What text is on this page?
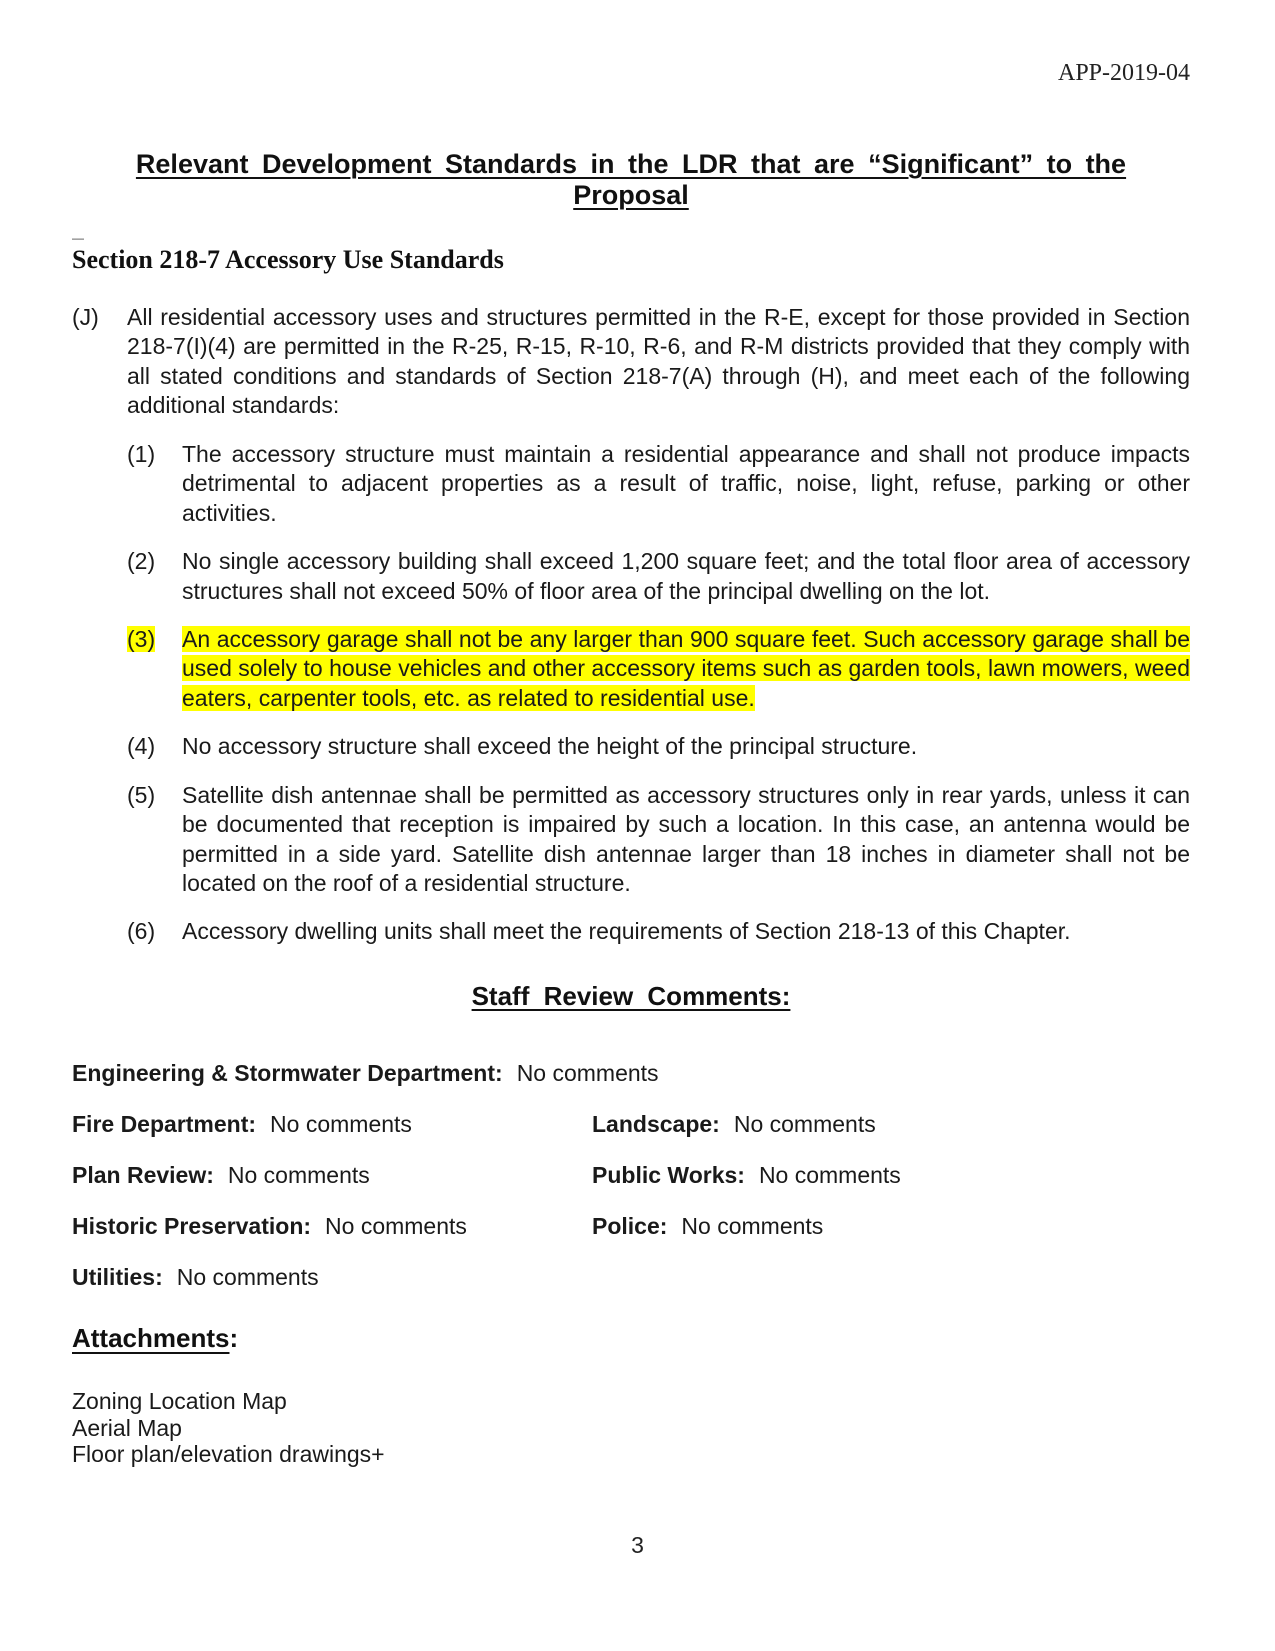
APP-2019-04
Relevant Development Standards in the LDR that are “Significant” to the Proposal
—
Section 218-7 Accessory Use Standards
(J)	All residential accessory uses and structures permitted in the R-E, except for those provided in Section 218-7(I)(4) are permitted in the R-25, R-15, R-10, R-6, and R-M districts provided that they comply with all stated conditions and standards of Section 218-7(A) through (H), and meet each of the following additional standards:
(1)	The accessory structure must maintain a residential appearance and shall not produce impacts detrimental to adjacent properties as a result of traffic, noise, light, refuse, parking or other activities.
(2)	No single accessory building shall exceed 1,200 square feet; and the total floor area of accessory structures shall not exceed 50% of floor area of the principal dwelling on the lot.
(3)	An accessory garage shall not be any larger than 900 square feet. Such accessory garage shall be used solely to house vehicles and other accessory items such as garden tools, lawn mowers, weed eaters, carpenter tools, etc. as related to residential use.
(4)	No accessory structure shall exceed the height of the principal structure.
(5)	Satellite dish antennae shall be permitted as accessory structures only in rear yards, unless it can be documented that reception is impaired by such a location. In this case, an antenna would be permitted in a side yard. Satellite dish antennae larger than 18 inches in diameter shall not be located on the roof of a residential structure.
(6)	Accessory dwelling units shall meet the requirements of Section 218-13 of this Chapter.
Staff Review Comments:
Engineering & Stormwater Department: No comments
Fire Department: No comments	Landscape: No comments
Plan Review: No comments	Public Works: No comments
Historic Preservation: No comments	Police: No comments
Utilities: No comments
Attachments:
Zoning Location Map
Aerial Map
Floor plan/elevation drawings+
3
